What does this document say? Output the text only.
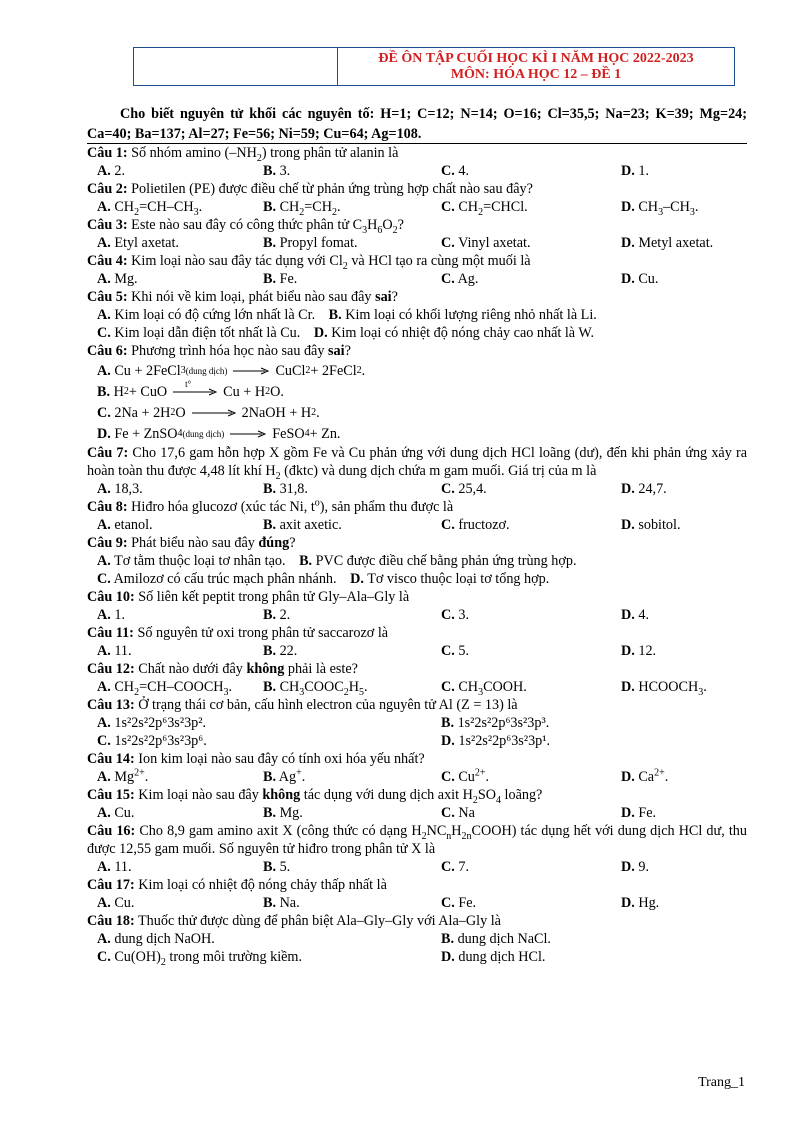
ĐỀ ÔN TẬP CUỐI HỌC KÌ I NĂM HỌC 2022-2023
MÔN: HÓA HỌC 12 – ĐỀ 1
Cho biết nguyên tử khối các nguyên tố: H=1; C=12; N=14; O=16; Cl=35,5; Na=23; K=39; Mg=24; Ca=40; Ba=137; Al=27; Fe=56; Ni=59; Cu=64; Ag=108.
Câu 1: Số nhóm amino $(-NH_2)$ trong phân tử alanin là
A. 2.	B. 3.	C. 4.	D. 1.
Câu 2: Polietilen (PE) được điều chế từ phản ứng trùng hợp chất nào sau đây?
A. $CH_2=CH-CH_3$.	B. $CH_2=CH_2$.	C. $CH_2=CHCl$.	D. $CH_3-CH_3$.
Câu 3: Este nào sau đây có công thức phân tử $C_3H_6O_2$?
A. Etyl axetat.	B. Propyl fomat.	C. Vinyl axetat.	D. Metyl axetat.
Câu 4: Kim loại nào sau đây tác dụng với $Cl_2$ và HCl tạo ra cùng một muối là
A. Mg.	B. Fe.	C. Ag.	D. Cu.
Câu 5: Khi nói về kim loại, phát biểu nào sau đây sai?
A. Kim loại có độ cứng lớn nhất là Cr. B. Kim loại có khối lượng riêng nhỏ nhất là Li. C. Kim loại dẫn điện tốt nhất là Cu. D. Kim loại có nhiệt độ nóng chảy cao nhất là W.
Câu 6: Phương trình hóa học nào sau đây sai?
A.
Cu + 2FeCl 3 (dung dịch) → CuCl 2 + 2FeCl 2 .
B.
H 2 + CuO t° Cu + H 2 O.
C.
2Na + 2H 2 O → 2NaOH + H 2 .
D.
Fe + ZnSO 4 (dung dịch) → FeSO 4 + Zn.
Câu 7: Cho 17,6 gam hỗn hợp X gồm Fe và Cu phản ứng với dung dịch HCl loãng (dư), đến khi phản ứng xảy ra hoàn toàn thu được 4,48 lít khí $H_2$ (đktc) và dung dịch chứa m gam muối. Giá trị của m là
A. 18,3.	B. 31,8.	C. 25,4.	D. 24,7.
Câu 8: Hiđro hóa glucozơ (xúc tác Ni, $t^o$), sản phẩm thu được là
A. etanol.	B. axit axetic.	C. fructozơ.	D. sobitol.
Câu 9: Phát biểu nào sau đây đúng?
A. Tơ tằm thuộc loại tơ nhân tạo. B. PVC được điều chế bằng phản ứng trùng hợp. C. Amilozơ có cấu trúc mạch phân nhánh. D. Tơ visco thuộc loại tơ tổng hợp.
Câu 10: Số liên kết peptit trong phân tử Gly–Ala–Gly là
A. 1.	B. 2.	C. 3.	D. 4.
Câu 11: Số nguyên tử oxi trong phân tử saccarozơ là
A. 11.	B. 22.	C. 5.	D. 12.
Câu 12: Chất nào dưới đây không phải là este?
A. $CH_2=CH-COOCH_3$.	B. $CH_3COOC_2H_5$.	C. $CH_3COOH$.	D. $HCOOCH_3$.
Câu 13: Ở trạng thái cơ bản, cấu hình electron của nguyên tử Al (Z = 13) là
A. 1s²2s²2p⁶3s²3p².	B. 1s²2s²2p⁶3s²3p³.
C. 1s²2s²2p⁶3s²3p⁶.	D. 1s²2s²2p⁶3s²3p¹.
Câu 14: Ion kim loại nào sau đây có tính oxi hóa yếu nhất?
A. $Mg^{2+}$.	B. Ag+.	C. $Cu^{2+}$.	D. $Ca^{2+}$.
Câu 15: Kim loại nào sau đây không tác dụng với dung dịch axit $H_2SO_4$ loãng?
A. Cu.	B. Mg.	C. Na	D. Fe.
Câu 16: Cho 8,9 gam amino axit X (công thức có dạng $H_2NC_nH_{2n}COOH$) tác dụng hết với dung dịch HCl dư, thu được 12,55 gam muối. Số nguyên tử hiđro trong phân tử X là
A. 11.	B. 5.	C. 7.	D. 9.
Câu 17: Kim loại có nhiệt độ nóng chảy thấp nhất là
A. Cu.	B. Na.	C. Fe.	D. Hg.
Câu 18: Thuốc thử được dùng để phân biệt Ala–Gly–Gly với Ala–Gly là
A. dung dịch NaOH.	B. dung dịch NaCl.
C. $Cu(OH)_2$ trong môi trường kiềm.	D. dung dịch HCl.
Trang_1
